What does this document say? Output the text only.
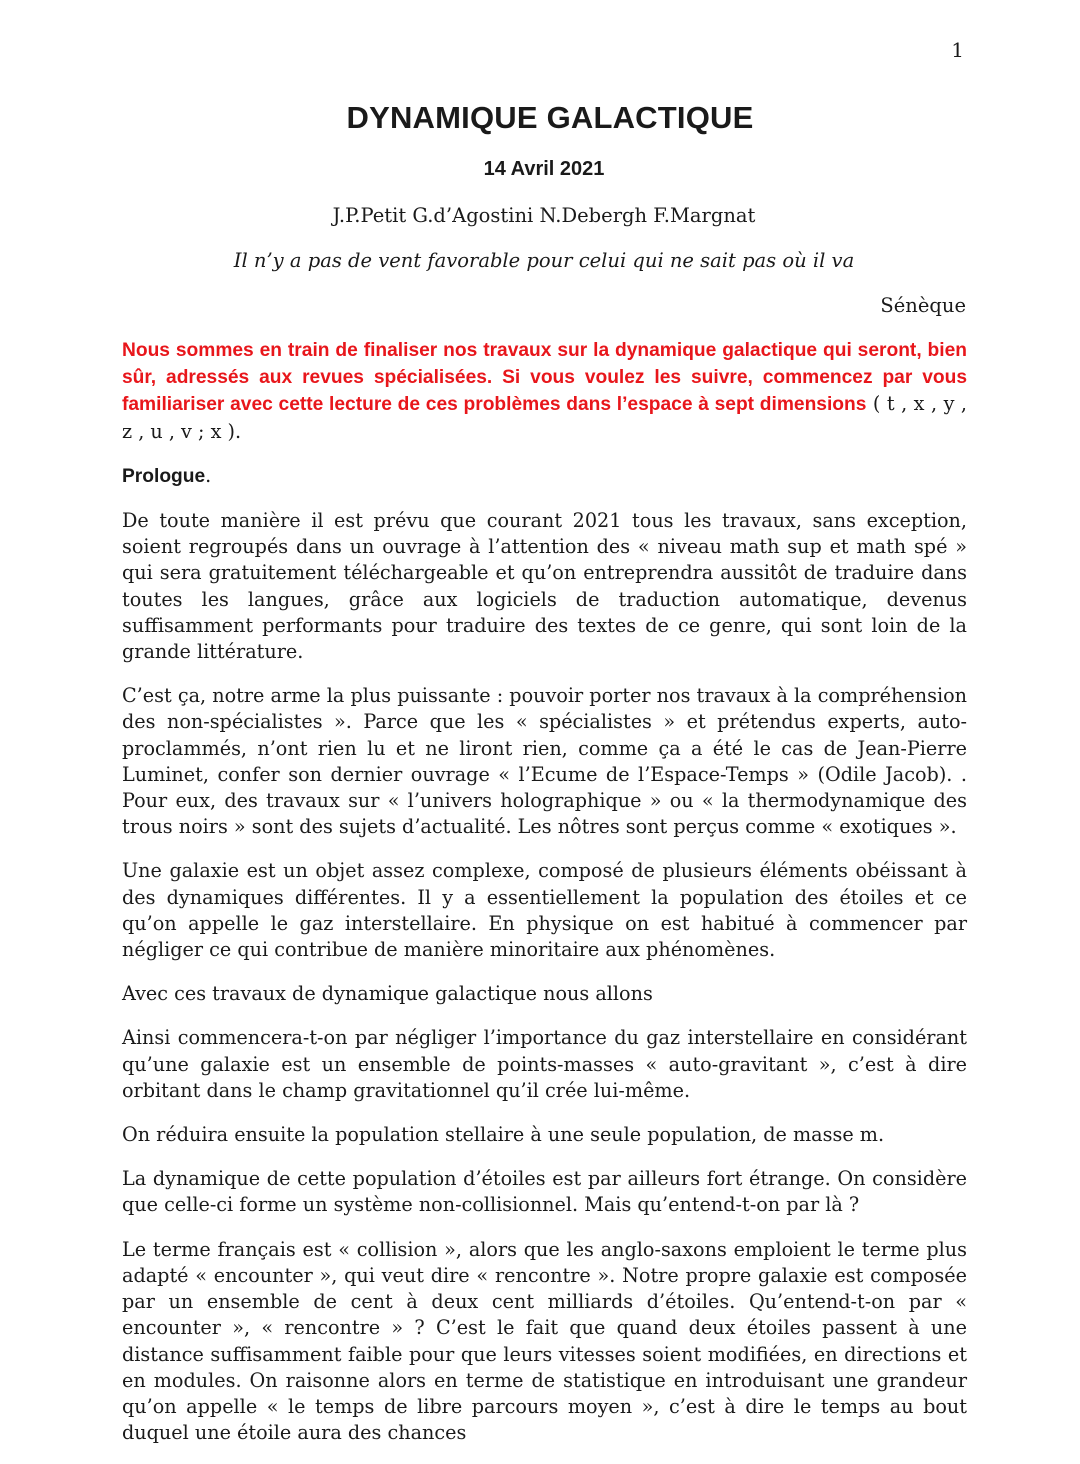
1
DYNAMIQUE GALACTIQUE
14 Avril 2021
J.P.Petit G.d’Agostini N.Debergh F.Margnat
Il n’y a pas de vent favorable pour celui qui ne sait pas où il va
Sénèque

Nous sommes en train de finaliser nos travaux sur la dynamique galactique qui seront, bien sûr, adressés aux revues spécialisées. Si vous voulez les suivre, commencez par vous familiariser avec cette lecture de ces problèmes dans l’espace à sept dimensions ( t , x , y , z , u , v ; x ).

Prologue.

De toute manière il est prévu que courant 2021 tous les travaux, sans exception, soient regroupés dans un ouvrage à l’attention des « niveau math sup et math spé » qui sera gratuitement téléchargeable et qu’on entreprendra aussitôt de traduire dans toutes les langues, grâce aux logiciels de traduction automatique, devenus suffisamment performants pour traduire des textes de ce genre, qui sont loin de la grande littérature.

C’est ça, notre arme la plus puissante : pouvoir porter nos travaux à la compréhension des non-spécialistes ». Parce que les « spécialistes » et prétendus experts, auto-proclammés, n’ont rien lu et ne liront rien, comme ça a été le cas de Jean-Pierre Luminet, confer son dernier ouvrage « l’Ecume de l’Espace-Temps » (Odile Jacob). . Pour eux, des travaux sur « l’univers holographique » ou « la thermodynamique des trous noirs » sont des sujets d’actualité. Les nôtres sont perçus comme « exotiques ».

Une galaxie est un objet assez complexe, composé de plusieurs éléments obéissant à des dynamiques différentes. Il y a essentiellement la population des étoiles et ce qu’on appelle le gaz interstellaire. En physique on est habitué à commencer par négliger ce qui contribue de manière minoritaire aux phénomènes.

Avec ces travaux de dynamique galactique nous allons

Ainsi commencera-t-on par négliger l’importance du gaz interstellaire en considérant qu’une galaxie est un ensemble de points-masses « auto-gravitant », c’est à dire orbitant dans le champ gravitationnel qu’il crée lui-même.

On réduira ensuite la population stellaire à une seule population, de masse m.

La dynamique de cette population d’étoiles est par ailleurs fort étrange. On considère que celle-ci forme un système non-collisionnel. Mais qu’entend-t-on par là ?

Le terme français est « collision », alors que les anglo-saxons emploient le terme plus adapté « encounter », qui veut dire « rencontre ». Notre propre galaxie est composée par un ensemble de cent à deux cent milliards d’étoiles. Qu’entend-t-on par « encounter », « rencontre » ? C’est le fait que quand deux étoiles passent à une distance suffisamment faible pour que leurs vitesses soient modifiées, en directions et en modules. On raisonne alors en terme de statistique en introduisant une grandeur qu’on appelle « le temps de libre parcours moyen », c’est à dire le temps au bout duquel une étoile aura des chances
